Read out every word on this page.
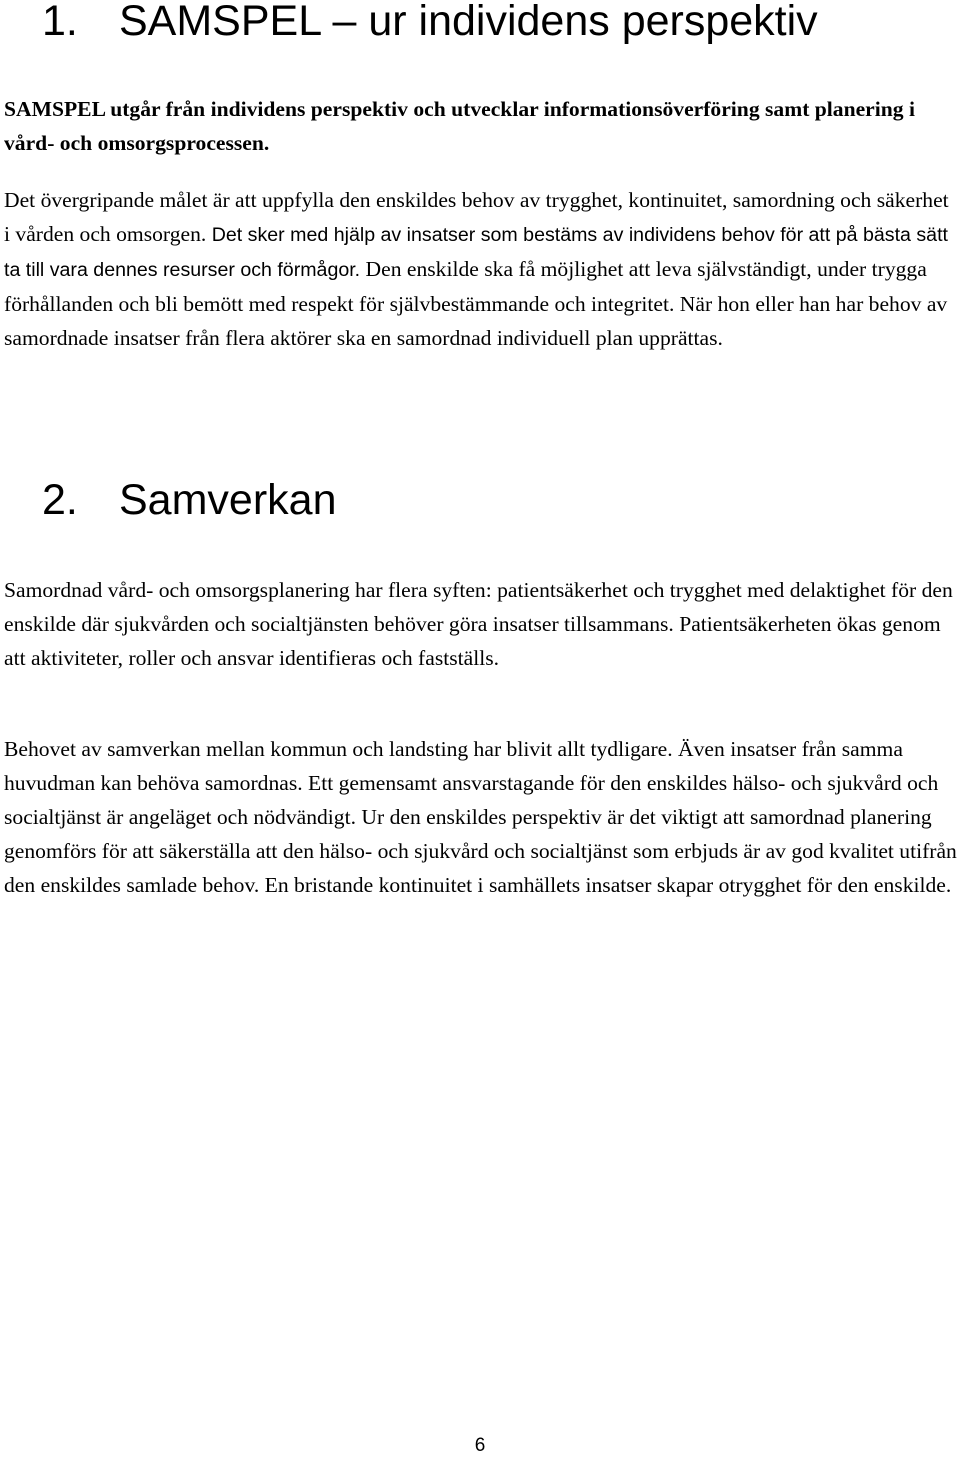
1. SAMSPEL – ur individens perspektiv

SAMSPEL utgår från individens perspektiv och utvecklar informationsöverföring samt planering i vård- och omsorgsprocessen.

Det övergripande målet är att uppfylla den enskildes behov av trygghet, kontinuitet, samordning och säkerhet i vården och omsorgen. Det sker med hjälp av insatser som bestäms av individens behov för att på bästa sätt ta till vara dennes resurser och förmågor. Den enskilde ska få möjlighet att leva självständigt, under trygga förhållanden och bli bemött med respekt för självbestämmande och integritet. När hon eller han har behov av samordnade insatser från flera aktörer ska en samordnad individuell plan upprättas.

2. Samverkan

Samordnad vård- och omsorgsplanering har flera syften: patientsäkerhet och trygghet med delaktighet för den enskilde där sjukvården och socialtjänsten behöver göra insatser tillsammans. Patientsäkerheten ökas genom att aktiviteter, roller och ansvar identifieras och fastställs.

Behovet av samverkan mellan kommun och landsting har blivit allt tydligare. Även insatser från samma huvudman kan behöva samordnas. Ett gemensamt ansvarstagande för den enskildes hälso- och sjukvård och socialtjänst är angeläget och nödvändigt. Ur den enskildes perspektiv är det viktigt att samordnad planering genomförs för att säkerställa att den hälso- och sjukvård och socialtjänst som erbjuds är av god kvalitet utifrån den enskildes samlade behov. En bristande kontinuitet i samhällets insatser skapar otrygghet för den enskilde.

6
